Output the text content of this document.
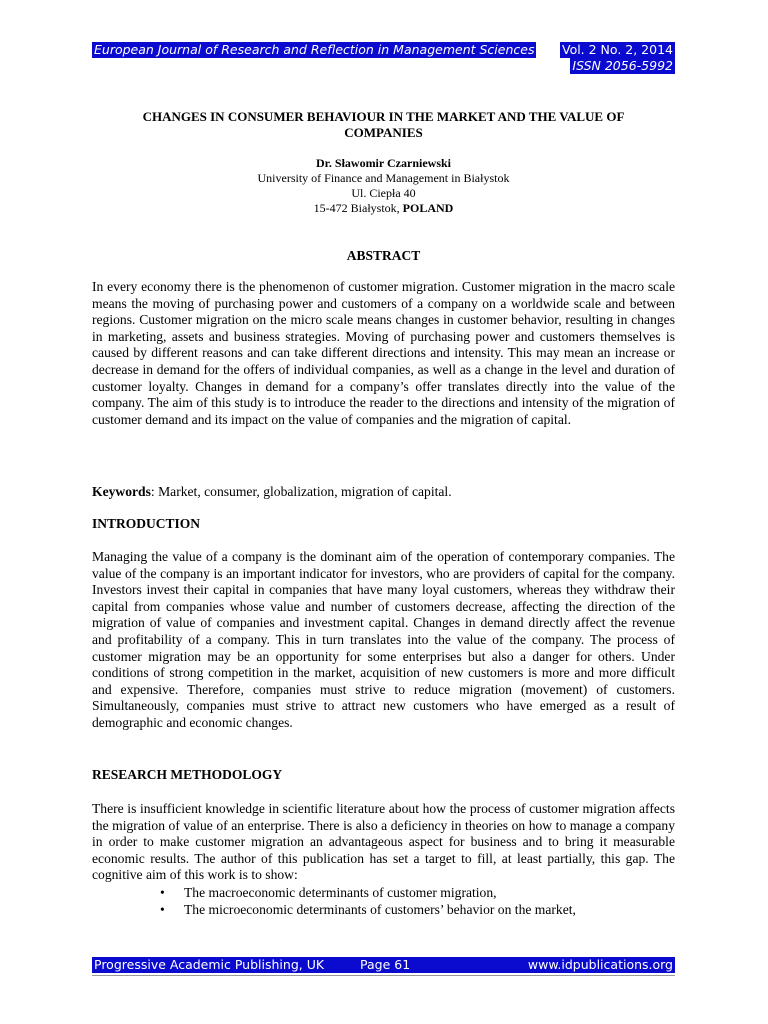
European Journal of Research and Reflection in Management Sciences Vol. 2 No. 2, 2014
ISSN 2056-5992
CHANGES IN CONSUMER BEHAVIOUR IN THE MARKET AND THE VALUE OF
COMPANIES
Dr. Sławomir Czarniewski
University of Finance and Management in Białystok
Ul. Ciepła 40
15-472 Białystok, POLAND
ABSTRACT

In every economy there is the phenomenon of customer migration. Customer migration in the macro scale means the moving of purchasing power and customers of a company on a worldwide scale and between regions. Customer migration on the micro scale means changes in customer behavior, resulting in changes in marketing, assets and business strategies. Moving of purchasing power and customers themselves is caused by different reasons and can take different directions and intensity. This may mean an increase or decrease in demand for the offers of individual companies, as well as a change in the level and duration of customer loyalty. Changes in demand for a company’s offer translates directly into the value of the company. The aim of this study is to introduce the reader to the directions and intensity of the migration of customer demand and its impact on the value of companies and the migration of capital.

Keywords: Market, consumer, globalization, migration of capital.

INTRODUCTION

Managing the value of a company is the dominant aim of the operation of contemporary companies. The value of the company is an important indicator for investors, who are providers of capital for the company. Investors invest their capital in companies that have many loyal customers, whereas they withdraw their capital from companies whose value and number of customers decrease, affecting the direction of the migration of value of companies and investment capital. Changes in demand directly affect the revenue and profitability of a company. This in turn translates into the value of the company. The process of customer migration may be an opportunity for some enterprises but also a danger for others. Under conditions of strong competition in the market, acquisition of new customers is more and more difficult and expensive. Therefore, companies must strive to reduce migration (movement) of customers. Simultaneously, companies must strive to attract new customers who have emerged as a result of demographic and economic changes.

RESEARCH METHODOLOGY

There is insufficient knowledge in scientific literature about how the process of customer migration affects the migration of value of an enterprise. There is also a deficiency in theories on how to manage a company in order to make customer migration an advantageous aspect for business and to bring it measurable economic results. The author of this publication has set a target to fill, at least partially, this gap. The cognitive aim of this work is to show:

• The macroeconomic determinants of customer migration,
• The microeconomic determinants of customers’ behavior on the market,
Progressive Academic Publishing, UK	Page 61	www.idpublications.org
